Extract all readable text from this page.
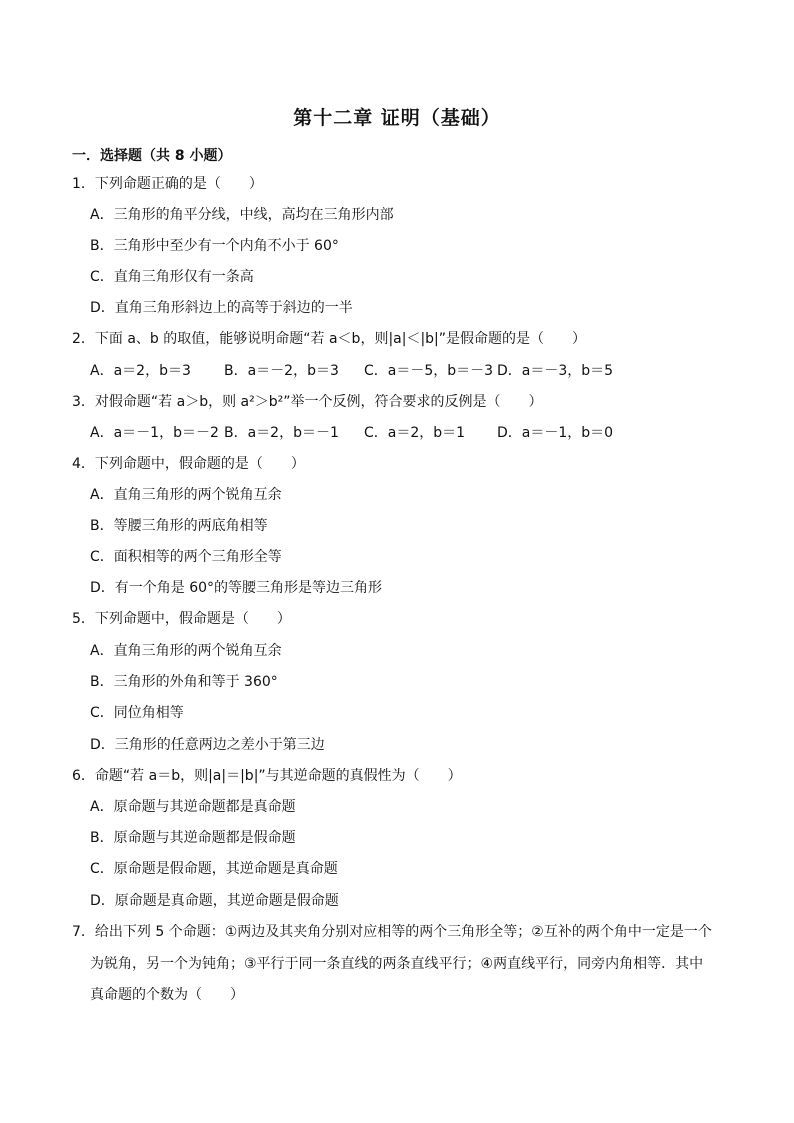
第十二章 证明（基础）
一．选择题（共 8 小题）
1．下列命题正确的是（　　）
A．三角形的角平分线，中线，高均在三角形内部
B．三角形中至少有一个内角不小于 60°
C．直角三角形仅有一条高
D．直角三角形斜边上的高等于斜边的一半
2．下面 a、b 的取值，能够说明命题“若 a＜b，则|a|＜|b|”是假命题的是（　　）
A．a＝2，b＝3 B．a＝－2，b＝3 C．a＝－5，b＝－3 D．a＝－3，b＝5
3．对假命题“若 a＞b，则 a²＞b²”举一个反例，符合要求的反例是（　　）
A．a＝－1，b＝－2 B．a＝2，b＝－1 C．a＝2，b＝1 D．a＝－1，b＝0
4．下列命题中，假命题的是（　　）
A．直角三角形的两个锐角互余
B．等腰三角形的两底角相等
C．面积相等的两个三角形全等
D．有一个角是 60°的等腰三角形是等边三角形
5．下列命题中，假命题是（　　）
A．直角三角形的两个锐角互余
B．三角形的外角和等于 360°
C．同位角相等
D．三角形的任意两边之差小于第三边
6．命题“若 a＝b，则|a|＝|b|”与其逆命题的真假性为（　　）
A．原命题与其逆命题都是真命题
B．原命题与其逆命题都是假命题
C．原命题是假命题，其逆命题是真命题
D．原命题是真命题，其逆命题是假命题
7．给出下列 5 个命题：①两边及其夹角分别对应相等的两个三角形全等；②互补的两个角中一定是一个
为锐角，另一个为钝角；③平行于同一条直线的两条直线平行；④两直线平行，同旁内角相等．其中
真命题的个数为（　　）
